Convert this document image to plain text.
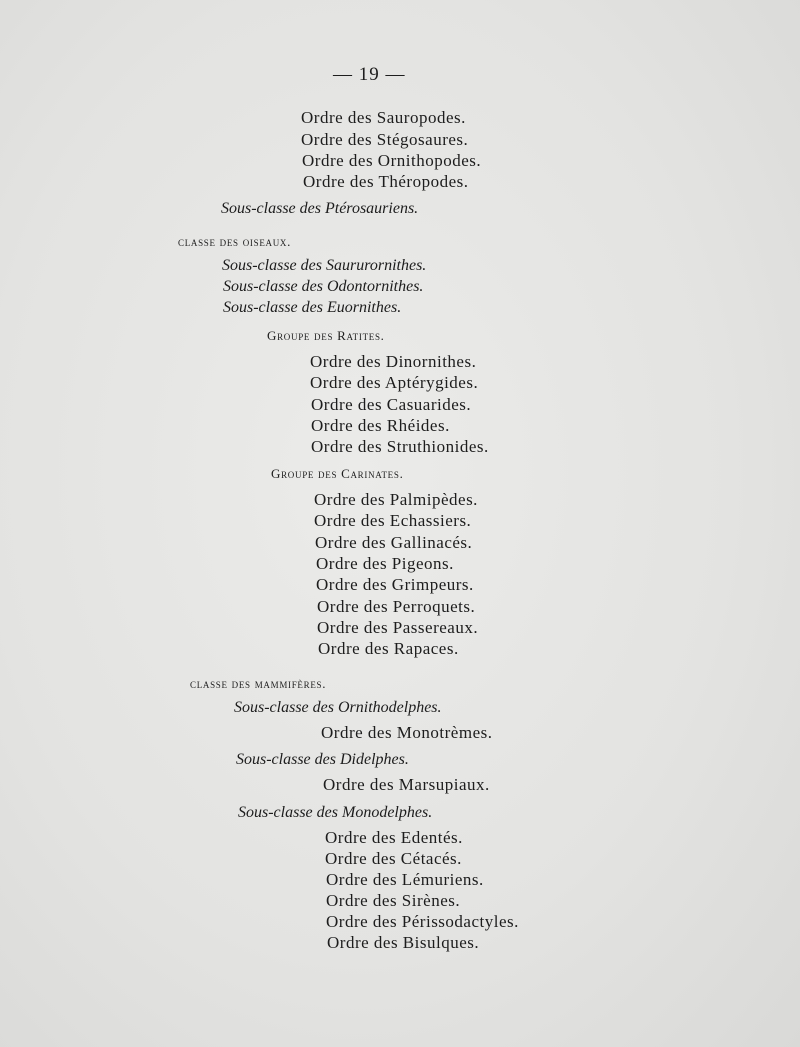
— 19 —
Ordre des Sauropodes.
Ordre des Stégosaures.
Ordre des Ornithopodes.
Ordre des Théropodes.
Sous-classe des Ptérosauriens.
classe des oiseaux.
Sous-classe des Saururornithes.
Sous-classe des Odontornithes.
Sous-classe des Euornithes.
Groupe des Ratites.
Ordre des Dinornithes.
Ordre des Aptérygides.
Ordre des Casuarides.
Ordre des Rhéides.
Ordre des Struthionides.
Groupe des Carinates.
Ordre des Palmipèdes.
Ordre des Echassiers.
Ordre des Gallinacés.
Ordre des Pigeons.
Ordre des Grimpeurs.
Ordre des Perroquets.
Ordre des Passereaux.
Ordre des Rapaces.
classe des mammifères.
Sous-classe des Ornithodelphes.
Ordre des Monotrèmes.
Sous-classe des Didelphes.
Ordre des Marsupiaux.
Sous-classe des Monodelphes.
Ordre des Edentés.
Ordre des Cétacés.
Ordre des Lémuriens.
Ordre des Sirènes.
Ordre des Périssodactyles.
Ordre des Bisulques.
